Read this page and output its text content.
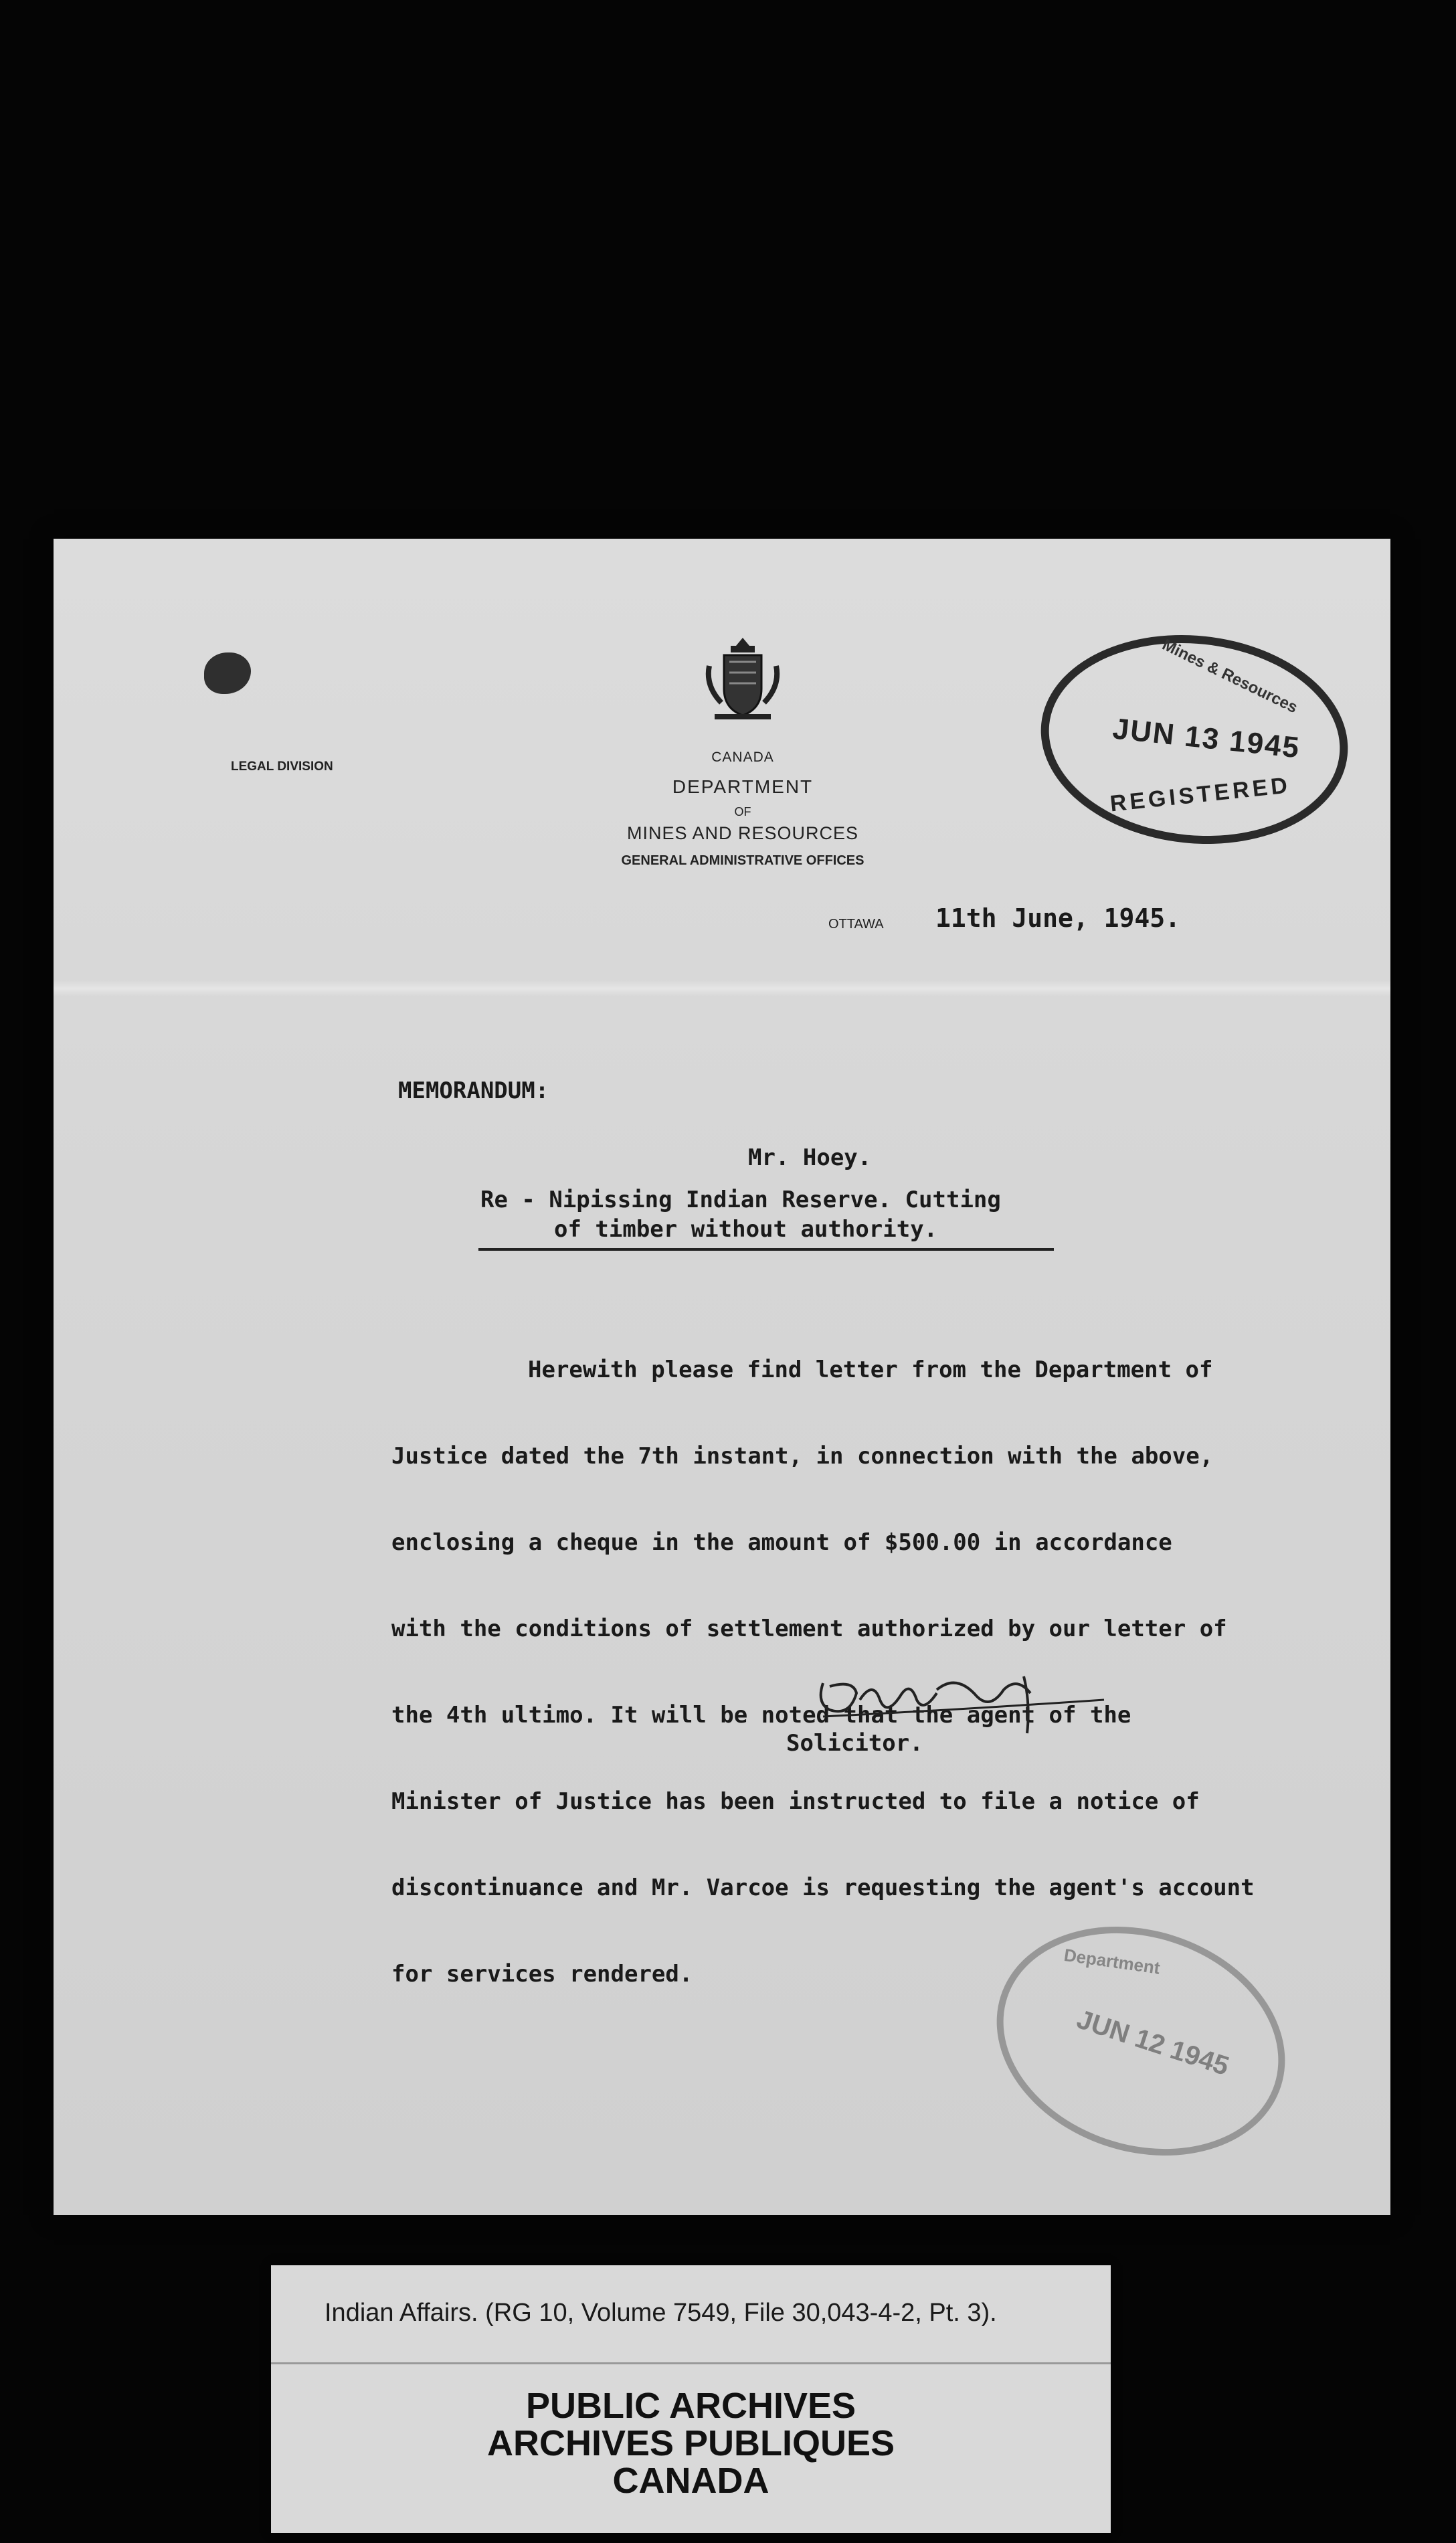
LEGAL DIVISION
CANADA
DEPARTMENT
OF
MINES AND RESOURCES
GENERAL ADMINISTRATIVE OFFICES
Mines & Resources
JUN 13 1945
REGISTERED
OTTAWA 11th June, 1945.
MEMORANDUM:
Mr. Hoey.
Re - Nipissing Indian Reserve. Cutting
of timber without authority.

Herewith please find letter from the Department of

Justice dated the 7th instant, in connection with the above,

enclosing a cheque in the amount of $500.00 in accordance

with the conditions of settlement authorized by our letter of

the 4th ultimo. It will be noted that the agent of the

Minister of Justice has been instructed to file a notice of

discontinuance and Mr. Varcoe is requesting the agent's account

for services rendered.

Solicitor.
Department
JUN 12 1945
Indian Affairs. (RG 10, Volume 7549, File 30,043-4-2, Pt. 3).
PUBLIC ARCHIVES
ARCHIVES PUBLIQUES
CANADA
